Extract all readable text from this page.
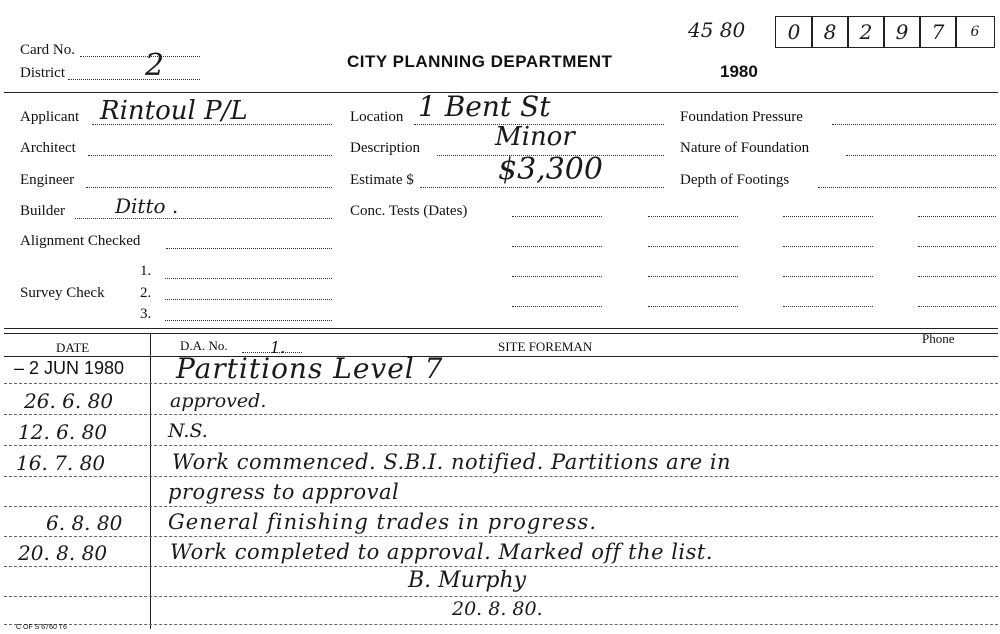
Card No.
District	2	CITY PLANNING DEPARTMENT
1980
45 80	0	8	2	9	7	6
Applicant Rintoul P/L
Architect
Engineer
Builder	Ditto .
Alignment Checked
Survey Check
1.
2.
3.
Location 1 Bent St
Description	Minor
Estimate $	$3,300
Conc. Tests (Dates)
Foundation Pressure
Nature of Foundation
Depth of Footings
DATE	D.A. No.	1.	SITE FOREMAN
Phone
– 2 JUN 1980 Partitions Level 7
26. 6. 80	approved.
12. 6. 80	N.S.
16. 7. 80	Work commenced. S.B.I. notified. Partitions are in
progress to approval
6. 8. 80 General finishing trades in progress.
20. 8. 80	Work completed to approval. Marked off the list.
B. Murphy
20. 8. 80.
C OF S 6760 T6
